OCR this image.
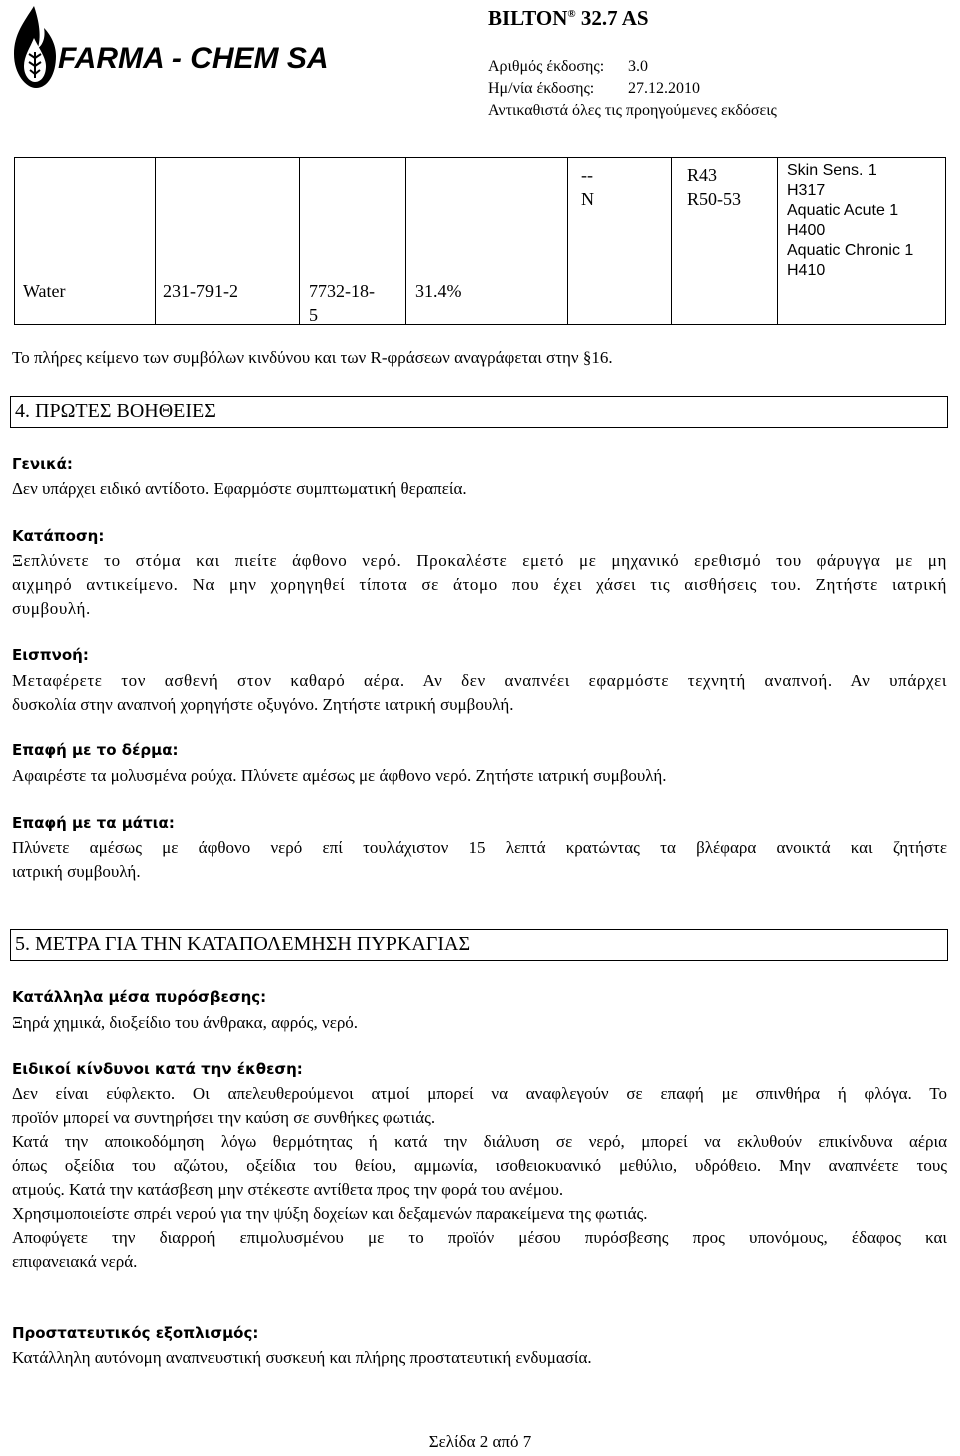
FARMA - CHEM SA
BILTON® 32.7 AS
Αριθμός έκδοσης: 3.0
Ημ/νία έκδοσης: 27.12.2010
Αντικαθιστά όλες τις προηγούμενες εκδόσεις
Water	231-791-2	7732-18-
5
31.4%
--
N
R43
R50-53
Skin Sens. 1
H317
Aquatic Acute 1
H400
Aquatic Chronic 1
H410
Το πλήρες κείμενο των συμβόλων κινδύνου και των R-φράσεων αναγράφεται στην §16.
4. ΠΡΩΤΕΣ ΒΟΗΘΕΙΕΣ
Γενικά:
Δεν υπάρχει ειδικό αντίδοτο. Εφαρμόστε συμπτωματική θεραπεία.
Κατάποση:
Ξεπλύνετε το στόμα και πιείτε άφθονο νερό. Προκαλέστε εμετό με μηχανικό ερεθισμό του φάρυγγα με μη
αιχμηρό αντικείμενο. Να μην χορηγηθεί τίποτα σε άτομο που έχει χάσει τις αισθήσεις του. Ζητήστε ιατρική
συμβουλή.
Εισπνοή:
Μεταφέρετε τον ασθενή στον καθαρό αέρα. Αν δεν αναπνέει εφαρμόστε τεχνητή αναπνοή. Αν υπάρχει
δυσκολία στην αναπνοή χορηγήστε οξυγόνο. Ζητήστε ιατρική συμβουλή.
Επαφή με το δέρμα:
Αφαιρέστε τα μολυσμένα ρούχα. Πλύνετε αμέσως με άφθονο νερό. Ζητήστε ιατρική συμβουλή.
Επαφή με τα μάτια:
Πλύνετε αμέσως με άφθονο νερό επί τουλάχιστον 15 λεπτά κρατώντας τα βλέφαρα ανοικτά και ζητήστε
ιατρική συμβουλή.
5. ΜΕΤΡΑ ΓΙΑ ΤΗΝ ΚΑΤΑΠΟΛΕΜΗΣΗ ΠΥΡΚΑΓΙΑΣ
Κατάλληλα μέσα πυρόσβεσης:
Ξηρά χημικά, διοξείδιο του άνθρακα, αφρός, νερό.
Ειδικοί κίνδυνοι κατά την έκθεση:
Δεν είναι εύφλεκτο. Οι απελευθερούμενοι ατμοί μπορεί να αναφλεγούν σε επαφή με σπινθήρα ή φλόγα. Το
προϊόν μπορεί να συντηρήσει την καύση σε συνθήκες φωτιάς.
Κατά την αποικοδόμηση λόγω θερμότητας ή κατά την διάλυση σε νερό, μπορεί να εκλυθούν επικίνδυνα αέρια
όπως οξείδια του αζώτου, οξείδια του θείου, αμμωνία, ισοθειοκυανικό μεθύλιο, υδρόθειο. Μην αναπνέετε τους
ατμούς. Κατά την κατάσβεση μην στέκεστε αντίθετα προς την φορά του ανέμου.
Χρησιμοποιείστε σπρέι νερού για την ψύξη δοχείων και δεξαμενών παρακείμενα της φωτιάς.
Αποφύγετε την διαρροή επιμολυσμένου με το προϊόν μέσου πυρόσβεσης προς υπονόμους, έδαφος και
επιφανειακά νερά.
Προστατευτικός εξοπλισμός:
Κατάλληλη αυτόνομη αναπνευστική συσκευή και πλήρης προστατευτική ενδυμασία.
Σελίδα 2 από 7
